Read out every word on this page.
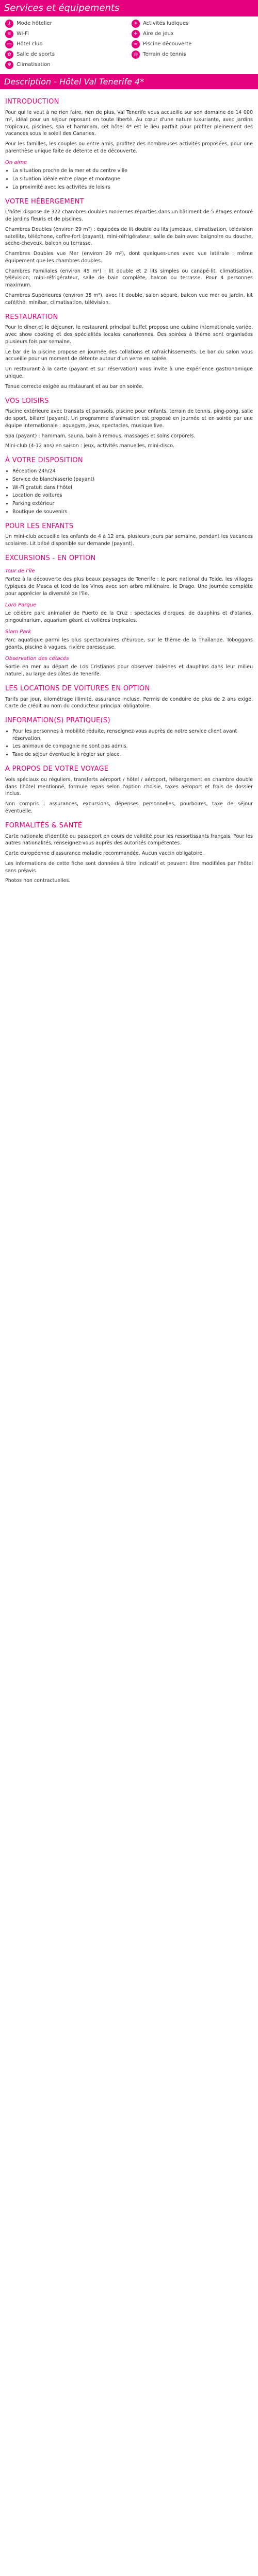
Services et équipements
⚷	Mode hôtelier	☀ Activités ludiques
≋	Wi-Fi	✈	Aire de jeux
▭ Hôtel club	≈	Piscine découverte
✿	Salle de sports	◎	Terrain de tennis
✻	Climatisation
Description - Hôtel Val Tenerife 4*
INTRODUCTION

Pour qui le veut à ne rien faire, rien de plus, Val Tenerife vous accueille sur son domaine de 14 000 m², idéal pour un séjour reposant en toute liberté. Au cœur d'une nature luxuriante, avec jardins tropicaux, piscines, spa et hammam, cet hôtel 4* est le lieu parfait pour profiter pleinement des vacances sous le soleil des Canaries.

Pour les familles, les couples ou entre amis, profitez des nombreuses activités proposées, pour une parenthèse unique faite de détente et de découverte.

On aime
• La situation proche de la mer et du centre ville
• La situation idéale entre plage et montagne
• La proximité avec les activités de loisirs
VOTRE HÉBERGEMENT

L'hôtel dispose de 322 chambres doubles modernes réparties dans un bâtiment de 5 étages entouré de jardins fleuris et de piscines.

Chambres Doubles (environ 29 m²) : équipées de lit double ou lits jumeaux, climatisation, télévision satellite, téléphone, coffre-fort (payant), mini-réfrigérateur, salle de bain avec baignoire ou douche, sèche-cheveux, balcon ou terrasse.

Chambres Doubles vue Mer (environ 29 m²), dont quelques-unes avec vue latérale : même équipement que les chambres doubles.

Chambres Familiales (environ 45 m²) : lit double et 2 lits simples ou canapé-lit, climatisation, télévision, mini-réfrigérateur, salle de bain complète, balcon ou terrasse. Pour 4 personnes maximum.

Chambres Supérieures (environ 35 m²), avec lit double, salon séparé, balcon vue mer ou jardin, kit café/thé, minibar, climatisation, télévision.

RESTAURATION

Pour le dîner et le déjeuner, le restaurant principal buffet propose une cuisine internationale variée, avec show cooking et des spécialités locales canariennes. Des soirées à thème sont organisées plusieurs fois par semaine.

Le bar de la piscine propose en journée des collations et rafraîchissements. Le bar du salon vous accueille pour un moment de détente autour d'un verre en soirée.

Un restaurant à la carte (payant et sur réservation) vous invite à une expérience gastronomique unique.

Tenue correcte exigée au restaurant et au bar en soirée.

VOS LOISIRS

Piscine extérieure avec transats et parasols, piscine pour enfants, terrain de tennis, ping-pong, salle de sport, billard (payant). Un programme d'animation est proposé en journée et en soirée par une équipe internationale : aquagym, jeux, spectacles, musique live.

Spa (payant) : hammam, sauna, bain à remous, massages et soins corporels.

Mini-club (4-12 ans) en saison : jeux, activités manuelles, mini-disco.

À VOTRE DISPOSITION
• Réception 24h/24
• Service de blanchisserie (payant)
• Wi-Fi gratuit dans l'hôtel
• Location de voitures
• Parking extérieur
• Boutique de souvenirs
POUR LES ENFANTS

Un mini-club accueille les enfants de 4 à 12 ans, plusieurs jours par semaine, pendant les vacances scolaires. Lit bébé disponible sur demande (payant).

EXCURSIONS - EN OPTION
Tour de l'île

Partez à la découverte des plus beaux paysages de Tenerife : le parc national du Teide, les villages typiques de Masca et Icod de los Vinos avec son arbre millénaire, le Drago. Une journée complète pour apprécier la diversité de l'île.

Loro Parque

Le célèbre parc animalier de Puerto de la Cruz : spectacles d'orques, de dauphins et d'otaries, pingouinarium, aquarium géant et volières tropicales.

Siam Park

Parc aquatique parmi les plus spectaculaires d'Europe, sur le thème de la Thaïlande. Toboggans géants, piscine à vagues, rivière paresseuse.

Observation des cétacés

Sortie en mer au départ de Los Cristianos pour observer baleines et dauphins dans leur milieu naturel, au large des côtes de Tenerife.

LES LOCATIONS DE VOITURES EN OPTION

Tarifs par jour, kilométrage illimité, assurance incluse. Permis de conduire de plus de 2 ans exigé. Carte de crédit au nom du conducteur principal obligatoire.

INFORMATION(S) PRATIQUE(S)
• Pour les personnes à mobilité réduite, renseignez-vous auprès de notre service client avant réservation.
• Les animaux de compagnie ne sont pas admis.
• Taxe de séjour éventuelle à régler sur place.
A PROPOS DE VOTRE VOYAGE

Vols spéciaux ou réguliers, transferts aéroport / hôtel / aéroport, hébergement en chambre double dans l'hôtel mentionné, formule repas selon l'option choisie, taxes aéroport et frais de dossier inclus.

Non compris : assurances, excursions, dépenses personnelles, pourboires, taxe de séjour éventuelle.

FORMALITÉS & SANTÉ

Carte nationale d'identité ou passeport en cours de validité pour les ressortissants français. Pour les autres nationalités, renseignez-vous auprès des autorités compétentes.

Carte européenne d'assurance maladie recommandée. Aucun vaccin obligatoire.

Les informations de cette fiche sont données à titre indicatif et peuvent être modifiées par l'hôtel sans préavis.

Photos non contractuelles.
